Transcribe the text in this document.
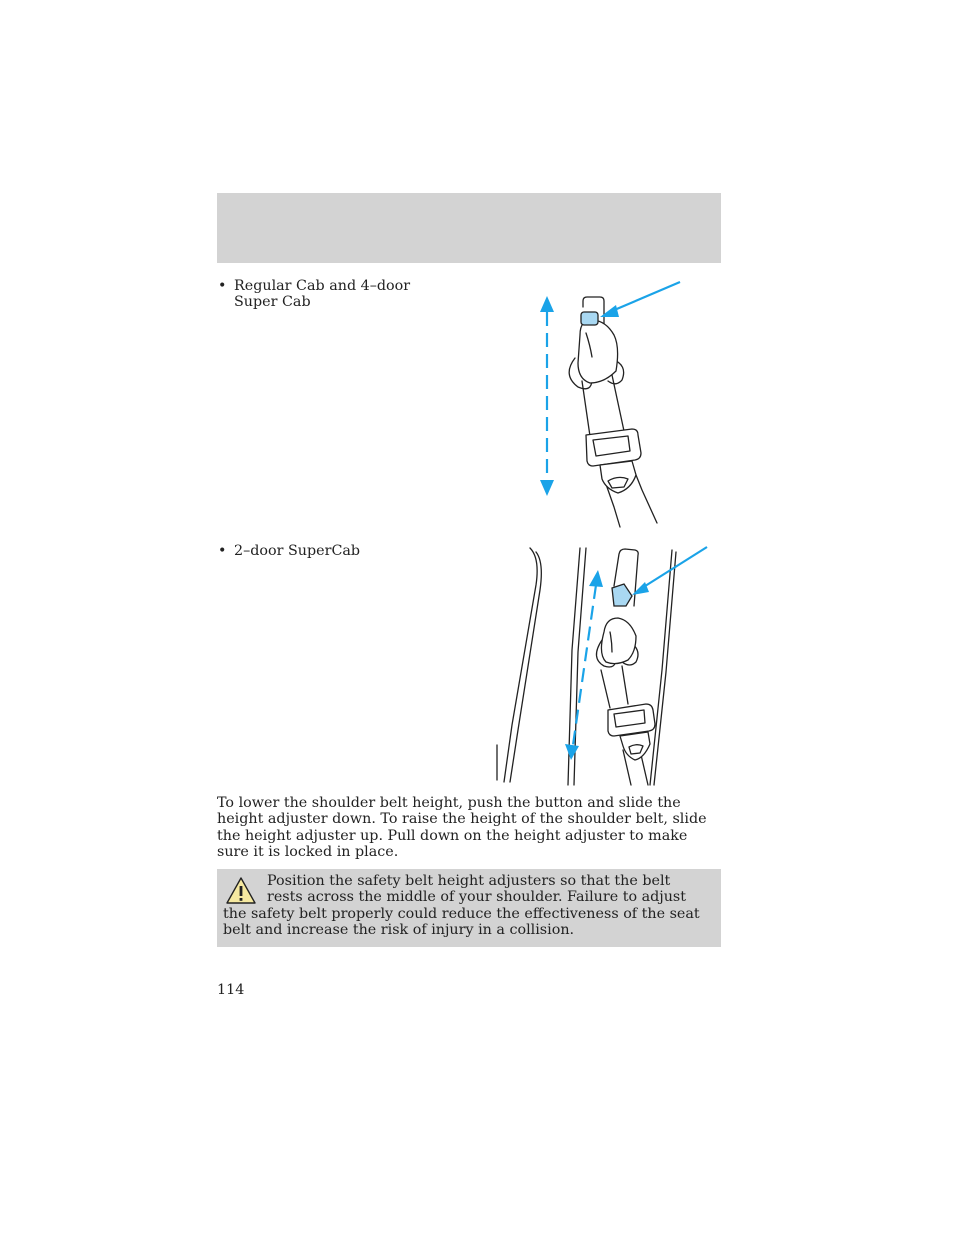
• Regular Cab and 4–door Super Cab
• 2–door SuperCab

To lower the shoulder belt height, push the button and slide the height adjuster down. To raise the height of the shoulder belt, slide the height adjuster up. Pull down on the height adjuster to make sure it is locked in place.

Position the safety belt height adjusters so that the belt rests across the middle of your shoulder. Failure to adjust the safety belt properly could reduce the effectiveness of the seat belt and increase the risk of injury in a collision.

114
